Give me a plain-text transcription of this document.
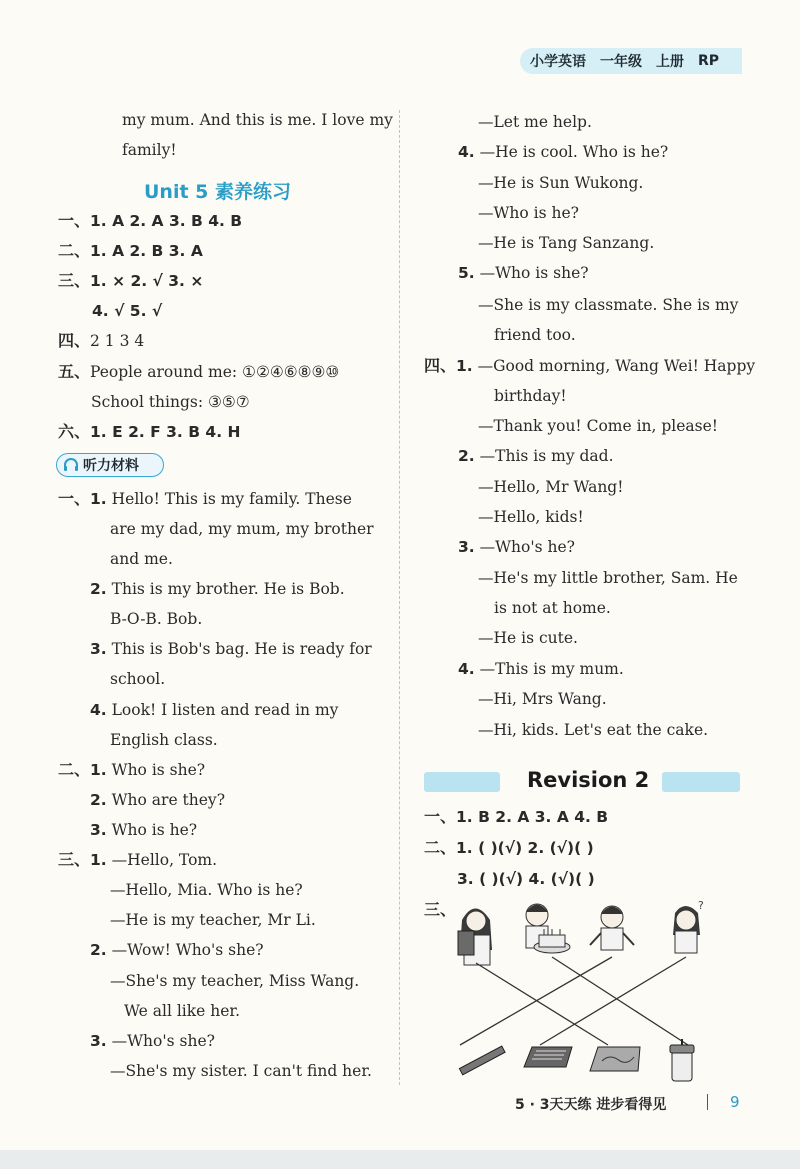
小学英语 一年级 上册 RP
my mum. And this is me. I love my
family!
Unit 5 素养练习
一、1. A 2. A 3. B 4. B
二、1. A 2. B 3. A
三、1. × 2. √ 3. ×
4. √ 5. √
四、2 1 3 4
五、People around me: ①②④⑥⑧⑨⑩
School things: ③⑤⑦
六、1. E 2. F 3. B 4. H
听力材料
一、1. Hello! This is my family. These
are my dad, my mum, my brother
and me.
2. This is my brother. He is Bob.
B-O-B. Bob.
3. This is Bob's bag. He is ready for
school.
4. Look! I listen and read in my
English class.
二、1. Who is she?
2. Who are they?
3. Who is he?
三、1. —Hello, Tom.
—Hello, Mia. Who is he?
—He is my teacher, Mr Li.
2. —Wow! Who's she?
—She's my teacher, Miss Wang.
We all like her.
3. —Who's she?
—She's my sister. I can't find her.
—Let me help.
4. —He is cool. Who is he?
—He is Sun Wukong.
—Who is he?
—He is Tang Sanzang.
5. —Who is she?
—She is my classmate. She is my
friend too.
四、1. —Good morning, Wang Wei! Happy
birthday!
—Thank you! Come in, please!
2. —This is my dad.
—Hello, Mr Wang!
—Hello, kids!
3. —Who's he?
—He's my little brother, Sam. He
is not at home.
—He is cute.
4. —This is my mum.
—Hi, Mrs Wang.
—Hi, kids. Let's eat the cake.
Revision 2
一、1. B 2. A 3. A 4. B
二、1. ( )(√) 2. (√)( )
3. ( )(√) 4. (√)( )
三、	?
5 · 3天天练 进步看得见	9
